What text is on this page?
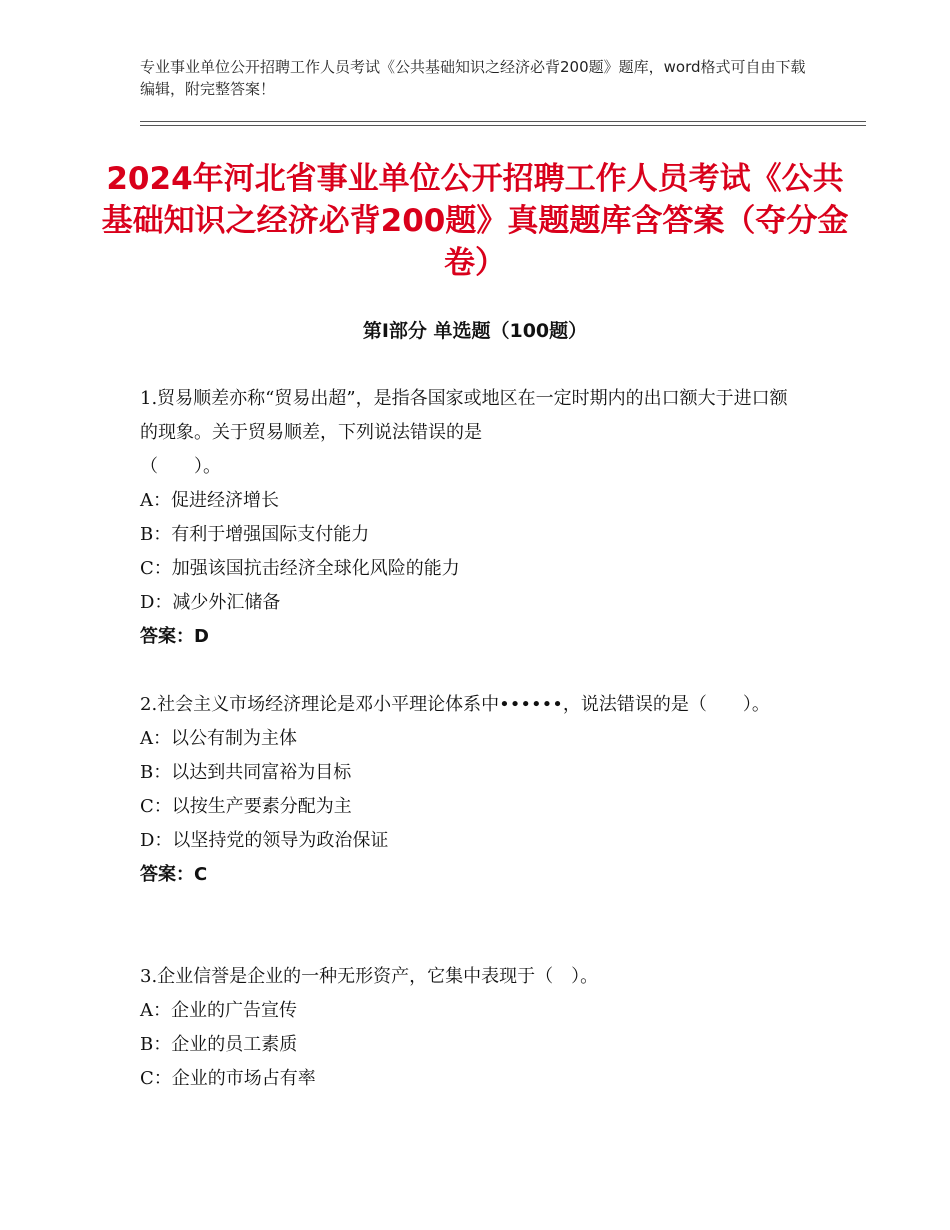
专业事业单位公开招聘工作人员考试《公共基础知识之经济必背200题》题库，word格式可自由下载编辑，附完整答案！
2024年河北省事业单位公开招聘工作人员考试《公共基础知识之经济必背200题》真题题库含答案（夺分金卷）
第Ⅰ部分 单选题（100题）
1.贸易顺差亦称“贸易出超”，是指各国家或地区在一定时期内的出口额大于进口额的现象。关于贸易顺差，下列说法错误的是
（　　）。
A：促进经济增长
B：有利于增强国际支付能力
C：加强该国抗击经济全球化风险的能力
D：减少外汇储备
答案：D
2.社会主义市场经济理论是邓小平理论体系中••••••，说法错误的是（　　）。
A：以公有制为主体
B：以达到共同富裕为目标
C：以按生产要素分配为主
D：以坚持党的领导为政治保证
答案：C
3.企业信誉是企业的一种无形资产，它集中表现于（　）。
A：企业的广告宣传
B：企业的员工素质
C：企业的市场占有率
